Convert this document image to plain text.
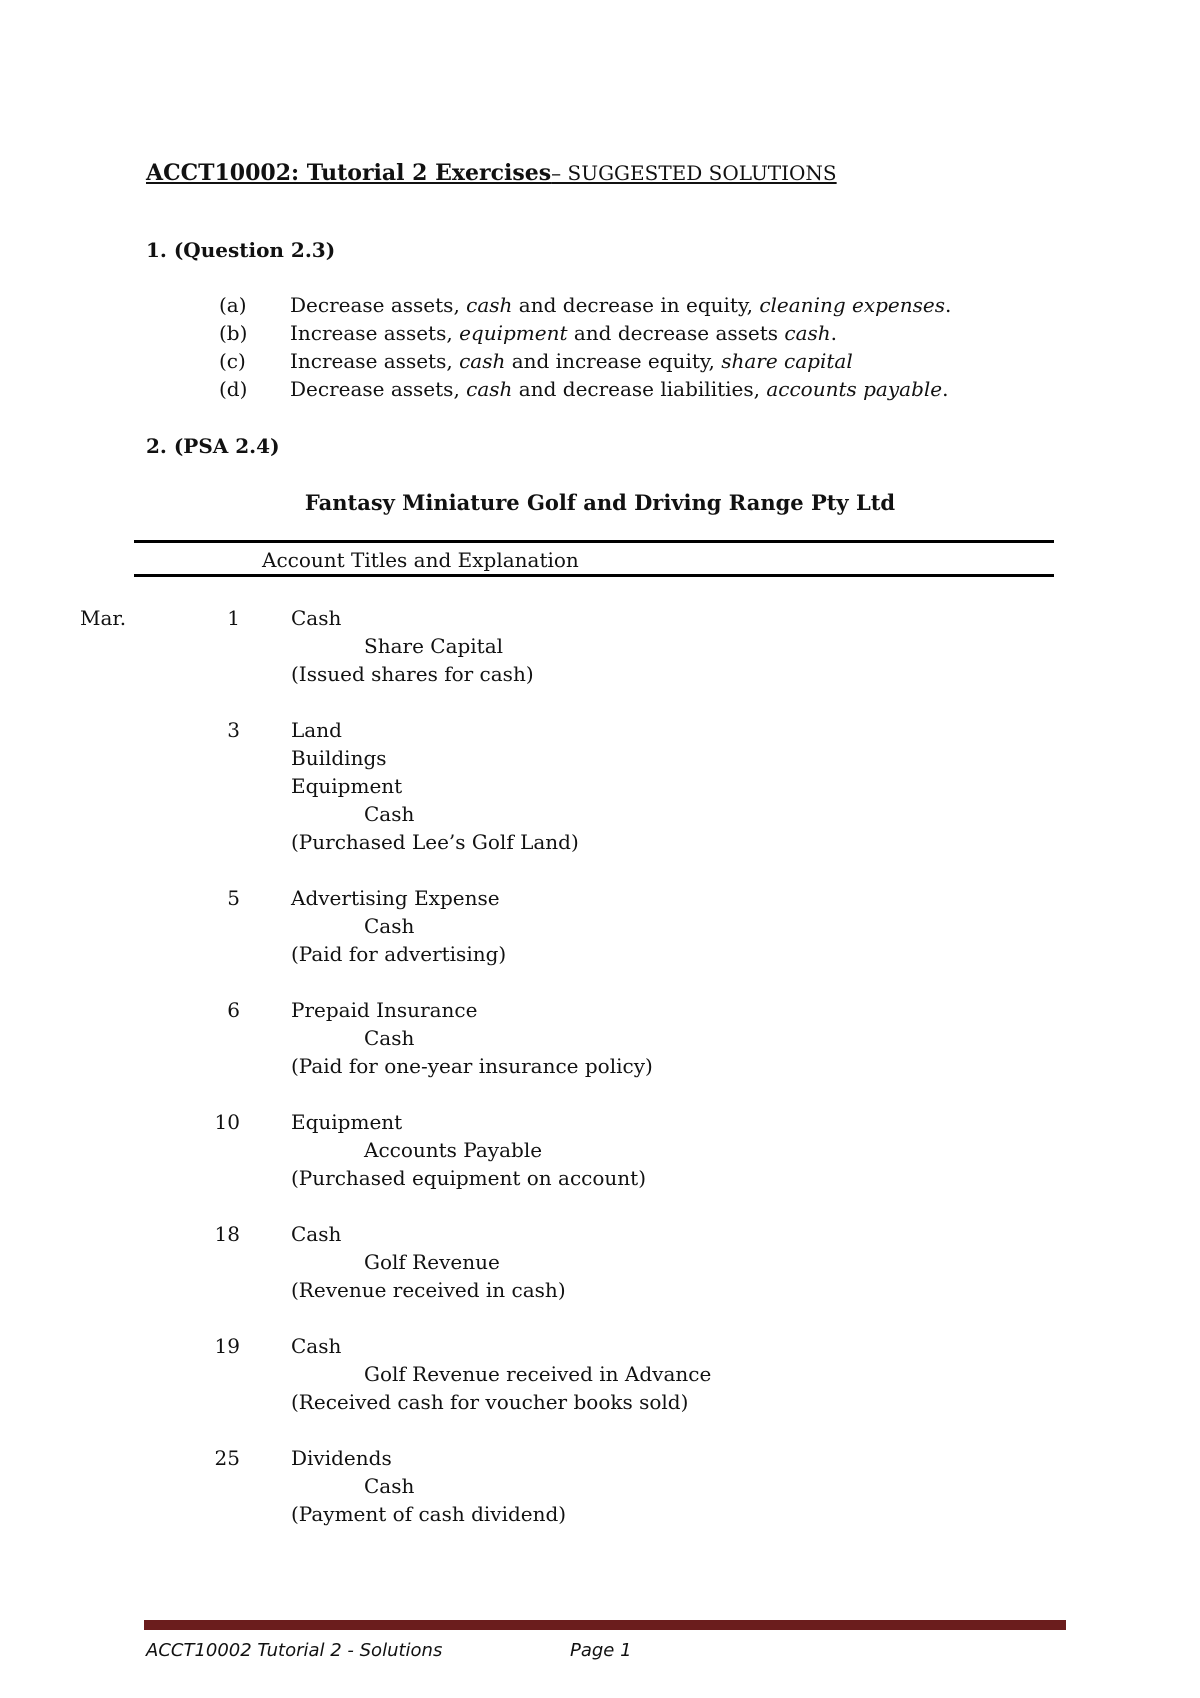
ACCT10002: Tutorial 2 Exercises– SUGGESTED SOLUTIONS
1. (Question 2.3)
(a) Decrease assets, cash and decrease in equity, cleaning expenses.
(b) Increase assets, equipment and decrease assets cash.
(c) Increase assets, cash and increase equity, share capital
(d) Decrease assets, cash and decrease liabilities, accounts payable.
2. (PSA 2.4)
Fantasy Miniature Golf and Driving Range Pty Ltd
Account Titles and Explanation
Mar.	1	Cash
Share Capital
(Issued shares for cash)
3	Land
Buildings
Equipment
Cash
(Purchased Lee’s Golf Land)
5	Advertising Expense
Cash
(Paid for advertising)
6	Prepaid Insurance
Cash
(Paid for one-year insurance policy)
10	Equipment
Accounts Payable
(Purchased equipment on account)
18	Cash
Golf Revenue
(Revenue received in cash)
19	Cash
Golf Revenue received in Advance
(Received cash for voucher books sold)
25	Dividends
Cash
(Payment of cash dividend)
ACCT10002 Tutorial 2 - Solutions	Page 1
